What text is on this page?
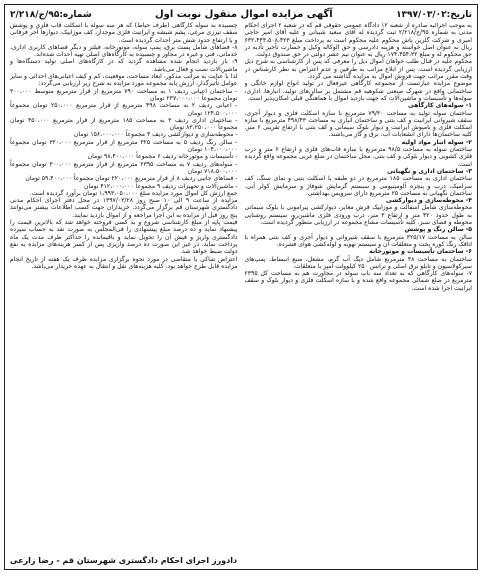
تاریخ:۱۳۹۷/۰۳/۰۲
آگهی مزایده اموال منقول نوبت اول
شماره:۹۵/ج/۲/۲۱۸

به موجب اجرائیه صادره از شعبه ۱۲ دادگاه عمومی حقوقی قم که در شعبه ۲ اجرای احکام مدنی به شماره ۹۵/ج/۲/۲۱۸ ثبت گردیده له آقای سعید شیبانی و علیه آقای امیر حاجی امیری و شرکت گلرین پاش محکوم علیه محکوم است به پرداخت مبلغ ۶۳۲،۴۴۴،۵۰۸،۴۲۳ ریال به عنوان اصل خواسته و هزینه دادرسی و حق الوکاله وکیل و خسارت تأخیر تأدیه در حق محکوم له و مبلغ ۱۷۴،۴۵۴،۳۲ ریال به عنوان نیم عشر دولتی در حق صندوق دولت.

محکوم علیه در قبال طلب خواهان اموال ذیل را معرفی که پس از کارشناسی به شرح ذیل ارزیابی گردیده است. پس از ابلاغ مراتب به طرفین و عدم اعتراض به نظر کارشناس در وقت مقرر مراتب جهت فروش اموال به مزایده گذاشته می گردد.

موضوع مزایده عبارتست از مجموعه کارگاهی غیرفعال در تولید انواع لوازم خانگی و ساختمانی واقع در شهرک صنعتی شکوهیه قم مشتمل بر سالن‌های تولید، انبارها، اداری، سوله‌ها و تأسیسات و ماشین‌آلات که جهت بازدید اموال با هماهنگی قبلی امکان‌پذیر است.

۱- سوله‌های کارگاهی

ساختمان سوله تولید به مساحت ۷۹/۳۰ مترمربع با سازه اسکلت فلزی و دیوار آجری، سقف شیروانی ایرانیت و کف بتنی و ساختمان انباری به مساحت ۴۹۸/۴۳ مترمربع با سازه اسکلت فلزی و بامپوش ایرانیت و دیوار بلوک سیمانی و کف بتنی با ارتفاع تقریبی ۶ متر. کلیه ساختمان‌ها دارای انشعابات آب، برق و گاز می‌باشند.

۲- سوله انبار مواد اولیه

ساختمان سوله به مساحت ۹۸/۵ مترمربع با سازه قاب‌های فلزی و ارتفاع ۶ متر و درب فلزی کشویی و دیوار بلوکی و کف بتنی. محل ساختمان در ضلع غربی مجموعه واقع گردیده است.

۳- ساختمان اداری و نگهبانی

ساختمان اداری به مساحت ۱۸۵ مترمربع در دو طبقه با اسکلت بتنی و نمای سنگ، کف سرامیک، درب و پنجره آلومینیومی و سیستم گرمایش شوفاژ و سرمایش کولر آبی. ساختمان نگهبانی به مساحت ۲۵ مترمربع دارای سرویس بهداشتی.

۴- محوطه‌سازی و دیوارکشی

محوطه‌سازی شامل آسفالت و موزاییک فرش معابر، دیوارکشی پیرامونی با بلوک سیمانی به طول حدود ۴۲۰ متر و ارتفاع ۳ متر، درب ورودی فلزی ماشین‌رو، سیستم روشنایی محوطه و فضای سبز. کلیه تأسیسات مشاع مجموعه در ارزیابی منظور گردیده است.

۵- سالن رنگ و پوشش

سالن به مساحت ۳۲۵/۱۷ مترمربع با سقف شیروانی و دیوار آجری و کف بتنی همراه با اتاقک رنگ کوره پخت و متعلقات آن و سیستم تهویه و لوله‌کشی هوای فشرده.

۶- ساختمان تأسیسات و موتورخانه

ساختمان به مساحت ۴۸ مترمربع شامل دیگ آب گرم، مشعل، منبع انبساط، پمپ‌های سیرکولاسیون و تابلو برق اصلی و ترانس ۲۵۰ کیلوولت آمپر با متعلقات.

۷- سوله‌های کارگاهی که به تعداد سه باب سوله در مجاورت هم به مساحت کل ۲۳۹۵ مترمربع در ضلع شمالی مجموعه واقع شده و با سازه اسکلت فلزی و دیوار بلوک و سقف ایرانیت اجرا شده است.

چسبیده به سوله کارگاهی (طرف حیاط) که هر سه سوله با اسکلت قاب فلزی و پوشش سقف تیرزی مرغی، پشم شیشه و ایرانیت فلزی موجدار، کف موزاییک، دیوارها آجر فرقانی و با ارتفاع حدود شش متر احداث گردیده است.

۸- فضاهای شامل پست برق، پمپ سوله، موتورخانه، فیلتر و دیگر فضاهای کاربری اداری، خدماتی، فنی و غیره در مجاور و چسبیده به کارگاه‌های اصلی تهیه احداث شده‌اند.

۹- باز بازدید انجام شده مشاهده گردید که در کارگاه‌های اصلی تولید دستگاه‌ها و ماشین‌آلات نصب و فعال می‌باشد.

لذا با عنایت به مراتب مذکور، ابعاد مساحت، موقعیت، کم و کیف اعیانی‌های احداثی و سایر عوامل تأثیرگذار، ارزش پایه مجموعه مورد مزایده به شرح زیر ارزیابی می‌گردد:

- ساختمان اعیانی ردیف ۱ به مساحت ۷۹۰ مترمربع از قرار مترمربع متوسط ۳۰۰،۰۰۰ تومان مجموعاً ۲۳۷،۰۰۰،۰۰۰ تومان

- اعیانی ردیف ۲ به مساحت ۴۹۸ مترمربع از قرار مترمربع ۲۵۰،۰۰۰ تومان مجموعاً ۱۲۴،۵۰۰،۰۰۰ تومان

- ساختمان اداری ردیف ۳ به مساحت ۱۸۵ مترمربع از قرار مترمربع ۴۵۰،۰۰۰ تومان مجموعاً ۸۳،۲۵۰،۰۰۰ تومان

- محوطه‌سازی و دیوارکشی ردیف ۴ مجموعاً ۱۵۶،۰۰۰،۰۰۰ تومان

- سالن رنگ ردیف ۵ به مساحت ۳۲۵ مترمربع از قرار مترمربع ۳۲۰،۰۰۰ تومان مجموعاً ۱۰۴،۰۰۰،۰۰۰ تومان

- تأسیسات و موتورخانه ردیف ۶ مجموعاً ۹۸،۴۰۰،۰۰۰ تومان

- سوله‌های ردیف ۷ به مساحت ۲۳۹۵ مترمربع از قرار مترمربع ۳۰۰،۰۰۰ تومان مجموعاً ۷۱۸،۵۰۰،۰۰۰ تومان

- فضاهای جانبی ردیف ۸ از قرار مترمربع ۲۲۰،۰۰۰ تومان مجموعاً ۵۹،۴۰۰،۰۰۰ تومان

- ماشین‌آلات و تجهیزات ردیف ۹ مجموعاً ۴۱۲،۰۰۰،۰۰۰ تومان

جمع ارزش کل اموال مورد مزایده مبلغ ۱،۹۹۳،۰۵۰،۰۰۰ تومان برآورد گردیده است.

مزایده از ساعت ۹ الی ۱۰ صبح روز ۱۳۹۷/۰۳/۲۸ در محل دفتر اجرای احکام مدنی دادگستری شهرستان قم برگزار می‌گردد. خریداران جهت کسب اطلاعات بیشتر می‌توانند پنج روز قبل از مزایده به این اجرا مراجعه و از اموال بازدید نمایند.

قیمت پایه از مبلغ کارشناسی شروع و به کسی فروخته خواهد شد که بالاترین قیمت را پیشنهاد نماید و ده درصد مبلغ پیشنهادی را فی‌المجلس به صورت نقد به حساب سپرده دادگستری واریز و فیش آن را تحویل نماید و باقیمانده را حداکثر ظرف مدت یک ماه پرداخت نماید. در غیر این صورت ده درصد واریزی پس از کسر هزینه‌های مزایده به نفع دولت ضبط خواهد شد.

اعتراض شاکی یا متقاضی در مورد نحوه برگزاری مزایده ظرف یک هفته از تاریخ انجام مزایده قابل طرح خواهد بود. کلیه هزینه‌های نقل و انتقال به عهده خریدار می‌باشد.

دادورز اجرای احکام دادگستری شهرستان قم - رضا زارعی
